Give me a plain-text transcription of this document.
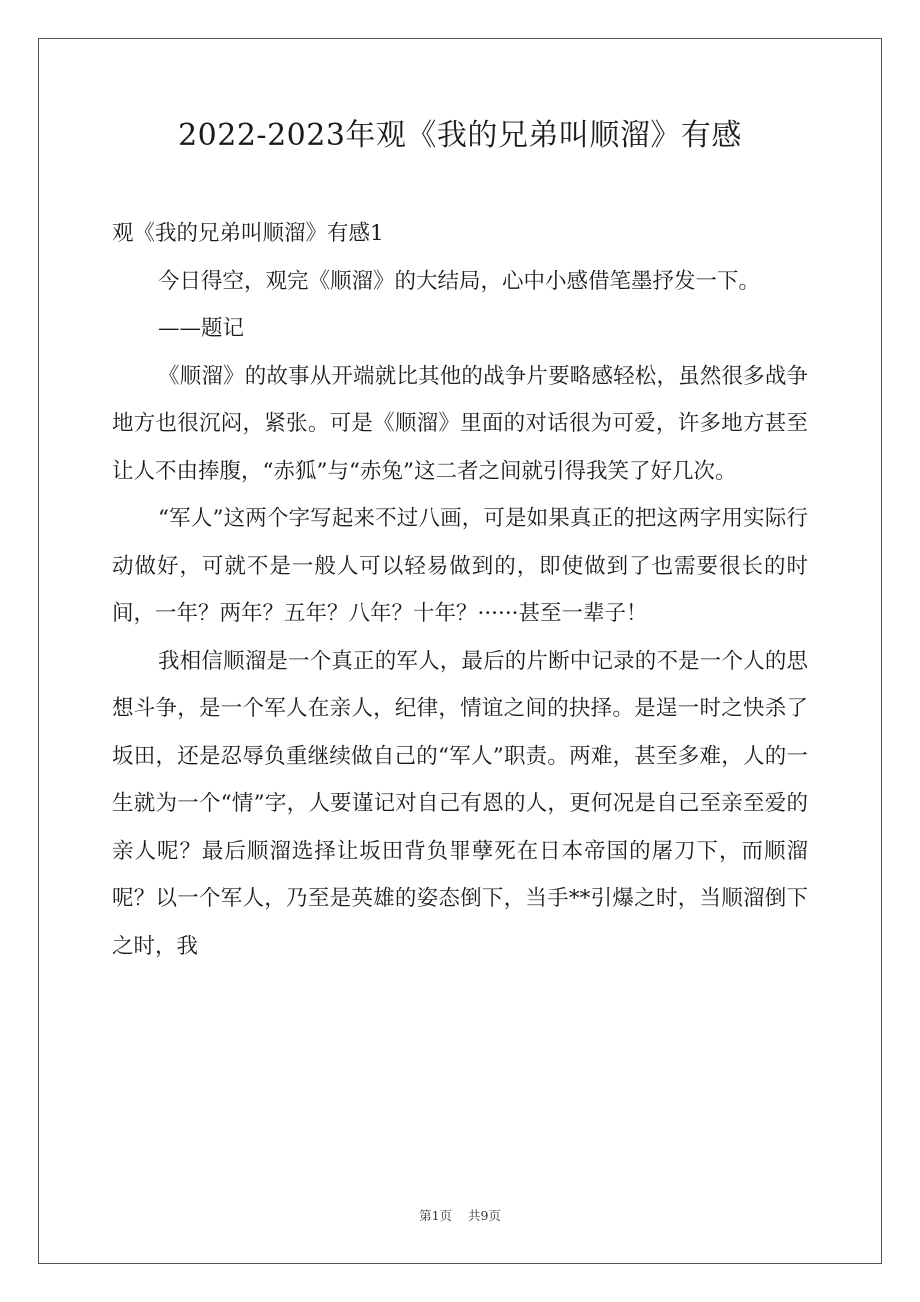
2022-2023年观《我的兄弟叫顺溜》有感

观《我的兄弟叫顺溜》有感1

今日得空，观完《顺溜》的大结局，心中小感借笔墨抒发一下。

——题记

《顺溜》的故事从开端就比其他的战争片要略感轻松，虽然很多战争地方也很沉闷，紧张。可是《顺溜》里面的对话很为可爱，许多地方甚至让人不由捧腹，“赤狐”与“赤兔”这二者之间就引得我笑了好几次。

“军人”这两个字写起来不过八画，可是如果真正的把这两字用实际行动做好，可就不是一般人可以轻易做到的，即使做到了也需要很长的时间，一年？两年？五年？八年？十年？······甚至一辈子！

我相信顺溜是一个真正的军人，最后的片断中记录的不是一个人的思想斗争，是一个军人在亲人，纪律，情谊之间的抉择。是逞一时之快杀了坂田，还是忍辱负重继续做自己的“军人”职责。两难，甚至多难，人的一生就为一个“情”字，人要谨记对自己有恩的人，更何况是自己至亲至爱的亲人呢？最后顺溜选择让坂田背负罪孽死在日本帝国的屠刀下，而顺溜呢？以一个军人，乃至是英雄的姿态倒下，当手**引爆之时，当顺溜倒下之时，我

第1页 共9页
